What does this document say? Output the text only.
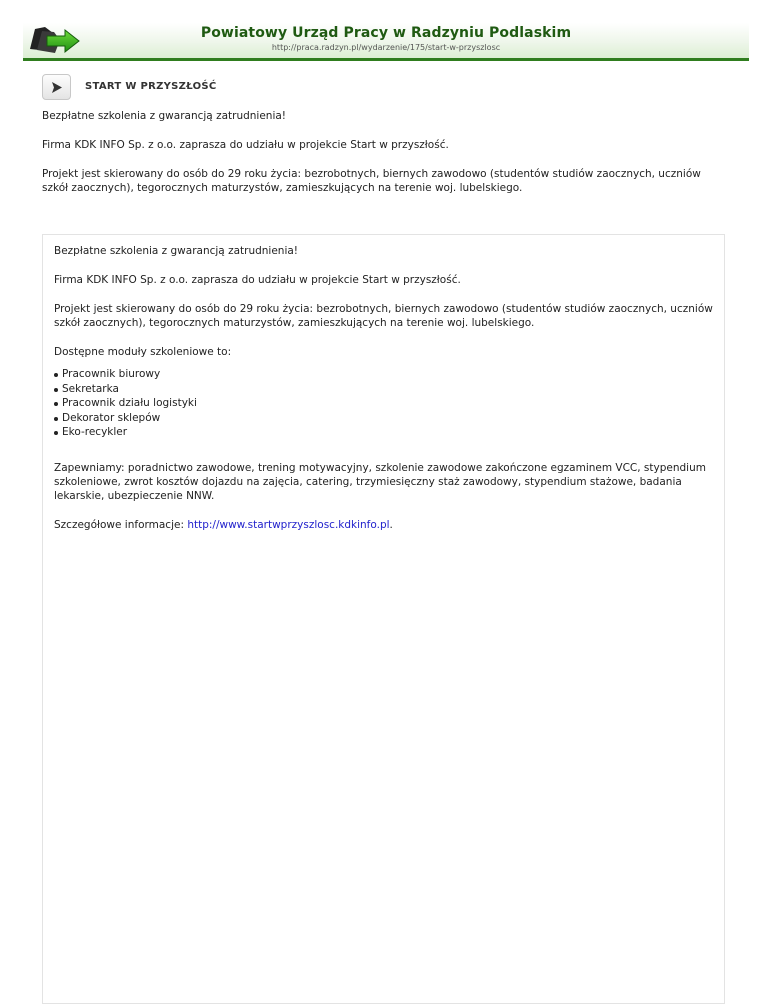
Powiatowy Urząd Pracy w Radzyniu Podlaskim
http://praca.radzyn.pl/wydarzenie/175/start-w-przyszlosc
START W PRZYSZŁOŚĆ

Bezpłatne szkolenia z gwarancją zatrudnienia!

Firma KDK INFO Sp. z o.o. zaprasza do udziału w projekcie Start w przyszłość.

Projekt jest skierowany do osób do 29 roku życia: bezrobotnych, biernych zawodowo (studentów studiów zaocznych, uczniów szkół zaocznych), tegorocznych maturzystów, zamieszkujących na terenie woj. lubelskiego.

Bezpłatne szkolenia z gwarancją zatrudnienia!

Firma KDK INFO Sp. z o.o. zaprasza do udziału w projekcie Start w przyszłość.

Projekt jest skierowany do osób do 29 roku życia: bezrobotnych, biernych zawodowo (studentów studiów zaocznych, uczniów szkół zaocznych), tegorocznych maturzystów, zamieszkujących na terenie woj. lubelskiego.

Dostępne moduły szkoleniowe to:

Pracownik biurowy
Sekretarka
Pracownik działu logistyki
Dekorator sklepów
Eko-recykler

Zapewniamy: poradnictwo zawodowe, trening motywacyjny, szkolenie zawodowe zakończone egzaminem VCC, stypendium szkoleniowe, zwrot kosztów dojazdu na zajęcia, catering, trzymiesięczny staż zawodowy, stypendium stażowe, badania lekarskie, ubezpieczenie NNW.

Szczegółowe informacje: http://www.startwprzyszlosc.kdkinfo.pl.
